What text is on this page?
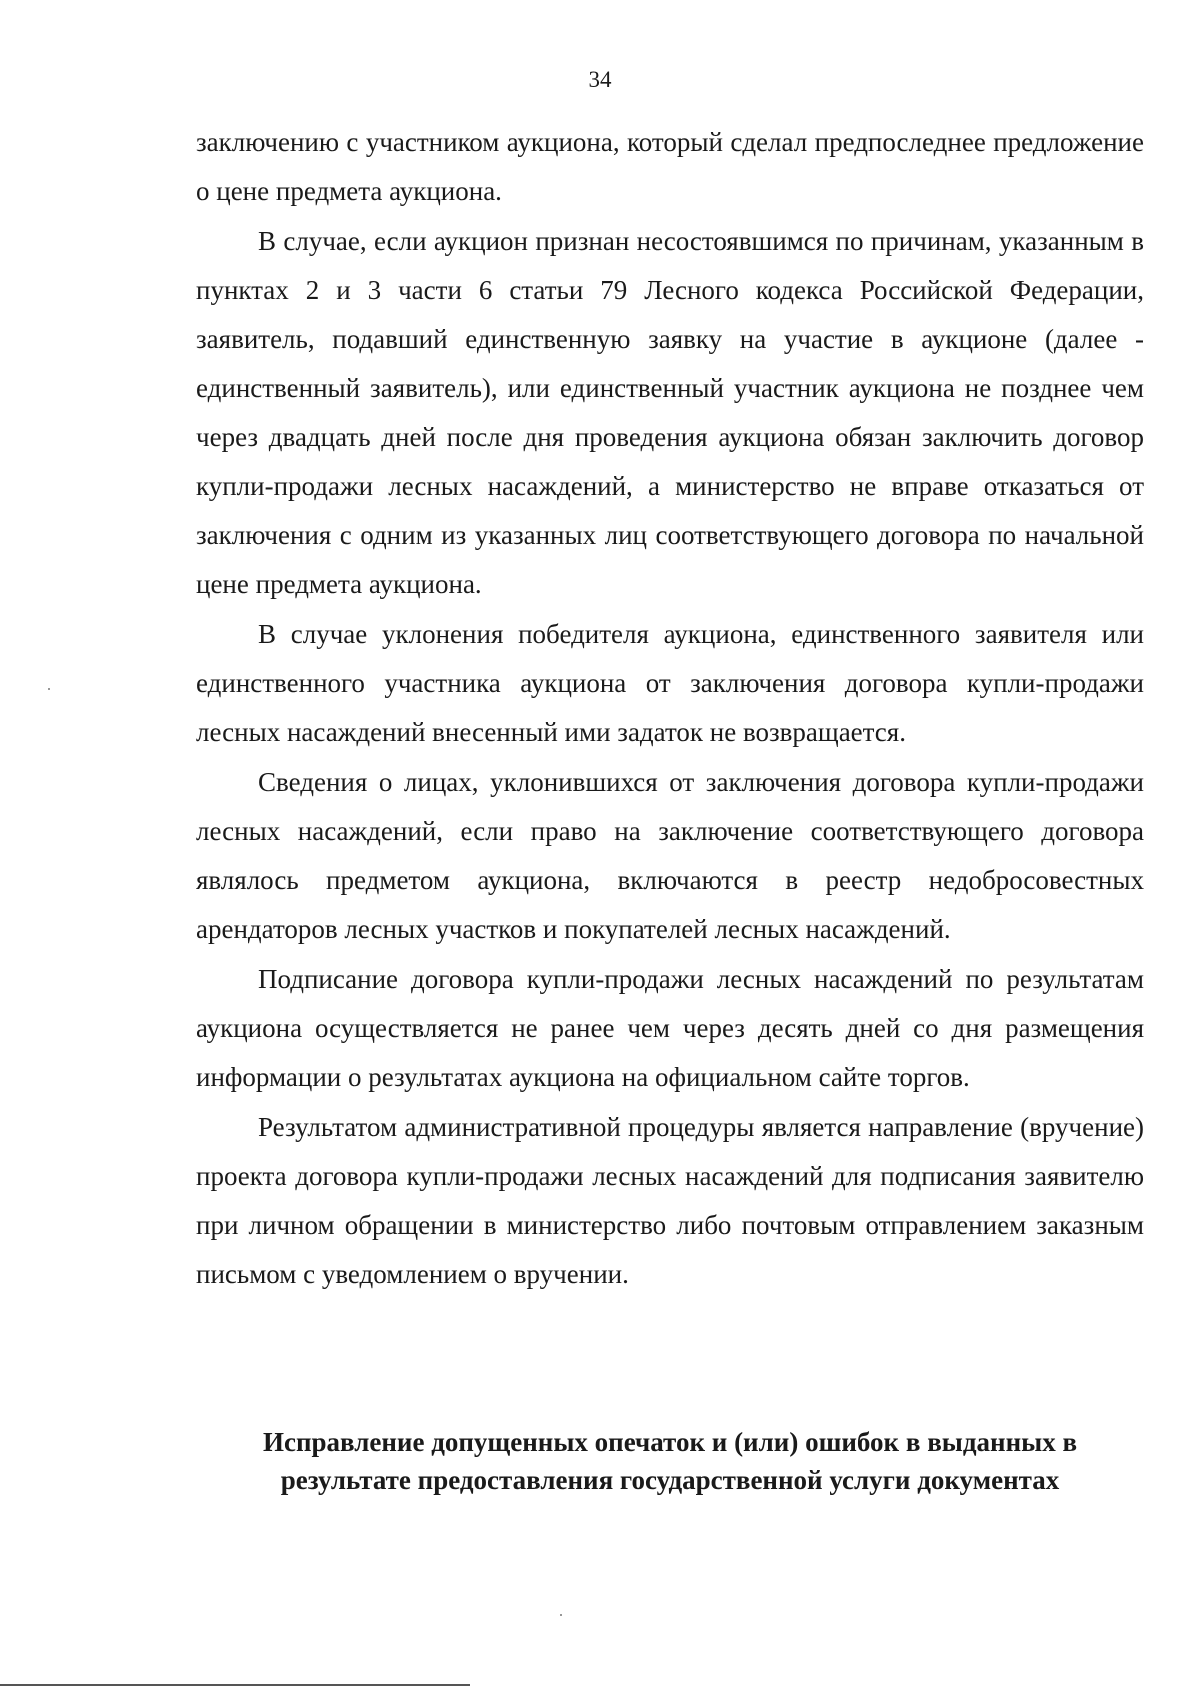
34

заключению с участником аукциона, который сделал предпоследнее предложение о цене предмета аукциона.

В случае, если аукцион признан несостоявшимся по причинам, указанным в пунктах 2 и 3 части 6 статьи 79 Лесного кодекса Российской Федерации, заявитель, подавший единственную заявку на участие в аукционе (далее - единственный заявитель), или единственный участник аукциона не позднее чем через двадцать дней после дня проведения аукциона обязан заключить договор купли-продажи лесных насаждений, а министерство не вправе отказаться от заключения с одним из указанных лиц соответствующего договора по начальной цене предмета аукциона.

В случае уклонения победителя аукциона, единственного заявителя или единственного участника аукциона от заключения договора купли-продажи лесных насаждений внесенный ими задаток не возвращается.

Сведения о лицах, уклонившихся от заключения договора купли-продажи лесных насаждений, если право на заключение соответствующего договора являлось предметом аукциона, включаются в реестр недобросовестных арендаторов лесных участков и покупателей лесных насаждений.

Подписание договора купли-продажи лесных насаждений по результатам аукциона осуществляется не ранее чем через десять дней со дня размещения информации о результатах аукциона на официальном сайте торгов.

Результатом административной процедуры является направление (вручение) проекта договора купли-продажи лесных насаждений для подписания заявителю при личном обращении в министерство либо почтовым отправлением заказным письмом с уведомлением о вручении.

Исправление допущенных опечаток и (или) ошибок в выданных в
результате предоставления государственной услуги документах
